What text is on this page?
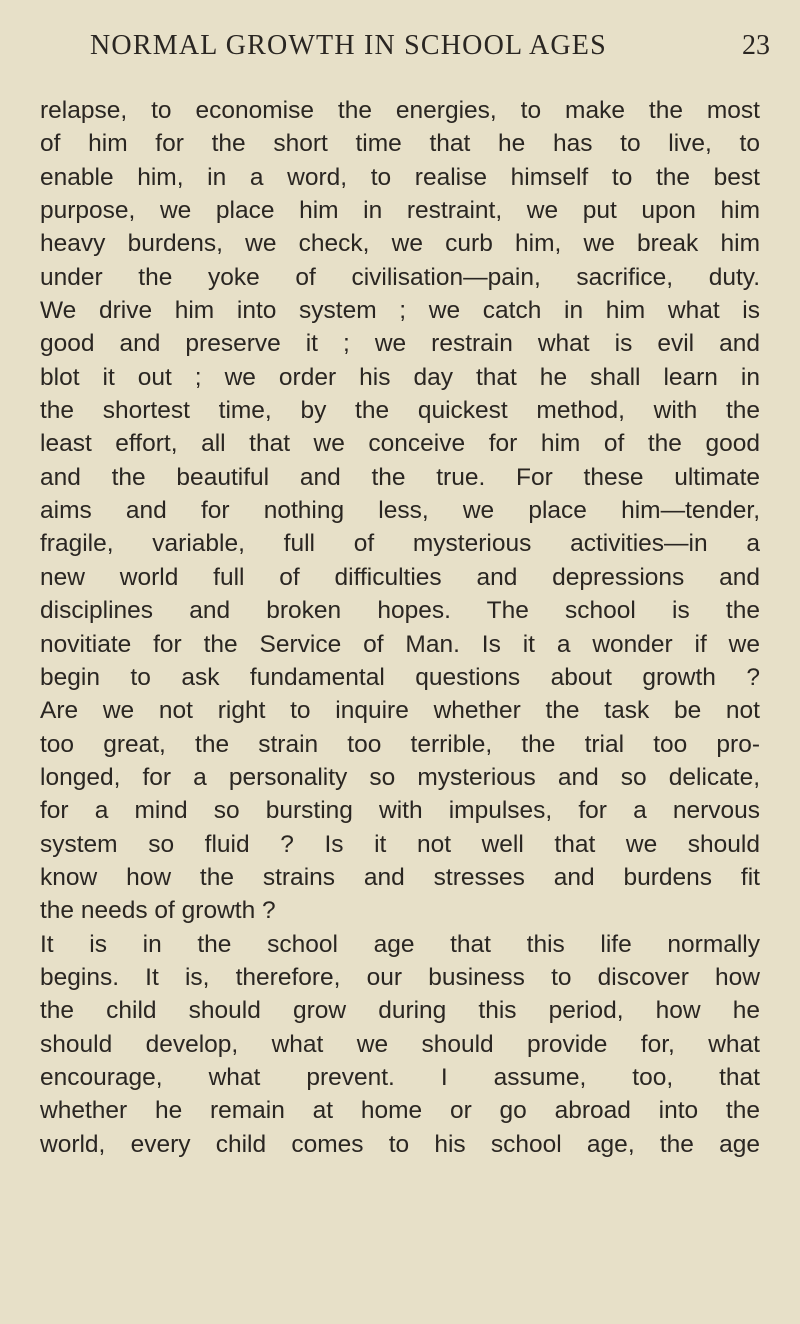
NORMAL GROWTH IN SCHOOL AGES	23
relapse, to economise the energies, to make the most
of him for the short time that he has to live, to
enable him, in a word, to realise himself to the best
purpose, we place him in restraint, we put upon him
heavy burdens, we check, we curb him, we break him
under the yoke of civilisation—pain, sacrifice, duty.
We drive him into system ; we catch in him what is
good and preserve it ; we restrain what is evil and
blot it out ; we order his day that he shall learn in
the shortest time, by the quickest method, with the
least effort, all that we conceive for him of the good
and the beautiful and the true. For these ultimate
aims and for nothing less, we place him—tender,
fragile, variable, full of mysterious activities—in a
new world full of difficulties and depressions and
disciplines and broken hopes. The school is the
novitiate for the Service of Man. Is it a wonder if we
begin to ask fundamental questions about growth ?
Are we not right to inquire whether the task be not
too great, the strain too terrible, the trial too pro-
longed, for a personality so mysterious and so delicate,
for a mind so bursting with impulses, for a nervous
system so fluid ? Is it not well that we should
know how the strains and stresses and burdens fit
the needs of growth ?
It is in the school age that this life normally
begins. It is, therefore, our business to discover how
the child should grow during this period, how he
should develop, what we should provide for, what
encourage, what prevent. I assume, too, that
whether he remain at home or go abroad into the
world, every child comes to his school age, the age
